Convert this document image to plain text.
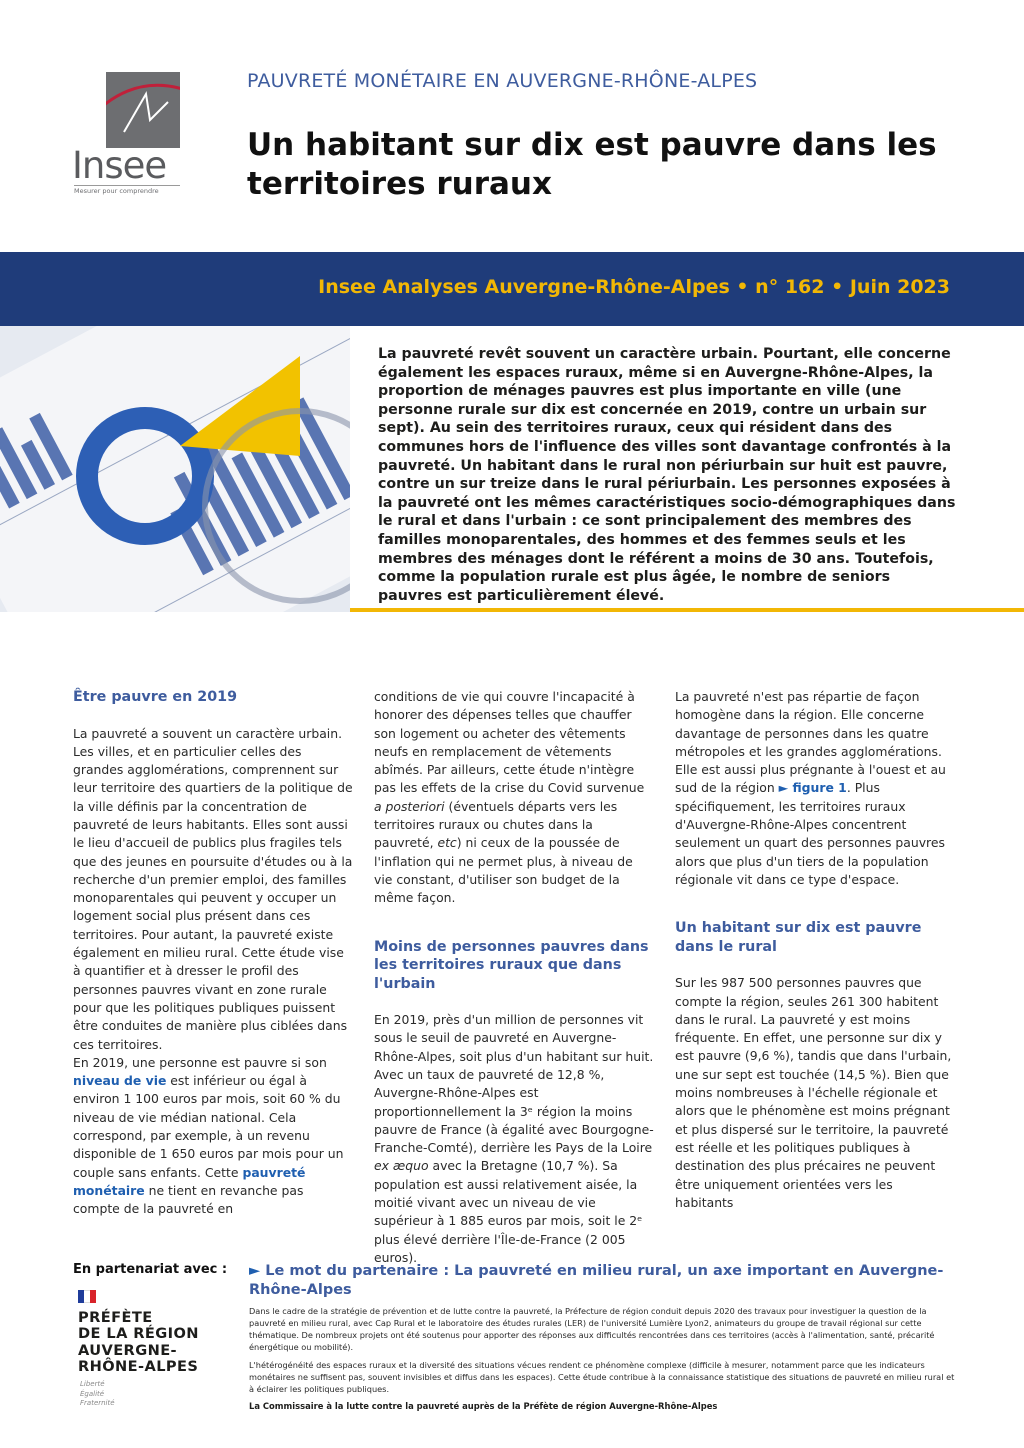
Insee
Mesurer pour comprendre
PAUVRETÉ MONÉTAIRE EN AUVERGNE-RHÔNE-ALPES
Un habitant sur dix est pauvre dans les territoires ruraux
Insee Analyses Auvergne-Rhône-Alpes • n° 162 • Juin 2023

La pauvreté revêt souvent un caractère urbain. Pourtant, elle concerne également les espaces ruraux, même si en Auvergne-Rhône-Alpes, la proportion de ménages pauvres est plus importante en ville (une personne rurale sur dix est concernée en 2019, contre un urbain sur sept). Au sein des territoires ruraux, ceux qui résident dans des communes hors de l'influence des villes sont davantage confrontés à la pauvreté. Un habitant dans le rural non périurbain sur huit est pauvre, contre un sur treize dans le rural périurbain. Les personnes exposées à la pauvreté ont les mêmes caractéristiques socio-démographiques dans le rural et dans l'urbain : ce sont principalement des membres des familles monoparentales, des hommes et des femmes seuls et les membres des ménages dont le référent a moins de 30 ans. Toutefois, comme la population rurale est plus âgée, le nombre de seniors pauvres est particulièrement élevé.

Être pauvre en 2019

La pauvreté a souvent un caractère urbain. Les villes, et en particulier celles des grandes agglomérations, comprennent sur leur territoire des quartiers de la politique de la ville définis par la concentration de pauvreté de leurs habitants. Elles sont aussi le lieu d'accueil de publics plus fragiles tels que des jeunes en poursuite d'études ou à la recherche d'un premier emploi, des familles monoparentales qui peuvent y occuper un logement social plus présent dans ces territoires. Pour autant, la pauvreté existe également en milieu rural. Cette étude vise à quantifier et à dresser le profil des personnes pauvres vivant en zone rurale pour que les politiques publiques puissent être conduites de manière plus ciblées dans ces territoires.

En 2019, une personne est pauvre si son niveau de vie est inférieur ou égal à environ 1 100 euros par mois, soit 60 % du niveau de vie médian national. Cela correspond, par exemple, à un revenu disponible de 1 650 euros par mois pour un couple sans enfants. Cette pauvreté monétaire ne tient en revanche pas compte de la pauvreté en

conditions de vie qui couvre l'incapacité à honorer des dépenses telles que chauffer son logement ou acheter des vêtements neufs en remplacement de vêtements abîmés. Par ailleurs, cette étude n'intègre pas les effets de la crise du Covid survenue a posteriori (éventuels départs vers les territoires ruraux ou chutes dans la pauvreté, etc) ni ceux de la poussée de l'inflation qui ne permet plus, à niveau de vie constant, d'utiliser son budget de la même façon.

Moins de personnes pauvres dans les territoires ruraux que dans l'urbain

En 2019, près d'un million de personnes vit sous le seuil de pauvreté en Auvergne-Rhône-Alpes, soit plus d'un habitant sur huit. Avec un taux de pauvreté de 12,8 %, Auvergne-Rhône-Alpes est proportionnellement la 3ᵉ région la moins pauvre de France (à égalité avec Bourgogne-Franche-Comté), derrière les Pays de la Loire ex æquo avec la Bretagne (10,7 %). Sa population est aussi relativement aisée, la moitié vivant avec un niveau de vie supérieur à 1 885 euros par mois, soit le 2ᵉ plus élevé derrière l'Île-de-France (2 005 euros).

La pauvreté n'est pas répartie de façon homogène dans la région. Elle concerne davantage de personnes dans les quatre métropoles et les grandes agglomérations. Elle est aussi plus prégnante à l'ouest et au sud de la région ► figure 1. Plus spécifiquement, les territoires ruraux d'Auvergne-Rhône-Alpes concentrent seulement un quart des personnes pauvres alors que plus d'un tiers de la population régionale vit dans ce type d'espace.

Un habitant sur dix est pauvre dans le rural

Sur les 987 500 personnes pauvres que compte la région, seules 261 300 habitent dans le rural. La pauvreté y est moins fréquente. En effet, une personne sur dix y est pauvre (9,6 %), tandis que dans l'urbain, une sur sept est touchée (14,5 %). Bien que moins nombreuses à l'échelle régionale et alors que le phénomène est moins prégnant et plus dispersé sur le territoire, la pauvreté est réelle et les politiques publiques à destination des plus précaires ne peuvent être uniquement orientées vers les habitants

En partenariat avec :
PRÉFÈTE
DE LA RÉGION
AUVERGNE-
RHÔNE-ALPES
Liberté
Égalité
Fraternité
► Le mot du partenaire : La pauvreté en milieu rural, un axe important en Auvergne-Rhône-Alpes

Dans le cadre de la stratégie de prévention et de lutte contre la pauvreté, la Préfecture de région conduit depuis 2020 des travaux pour investiguer la question de la pauvreté en milieu rural, avec Cap Rural et le laboratoire des études rurales (LER) de l'université Lumière Lyon2, animateurs du groupe de travail régional sur cette thématique. De nombreux projets ont été soutenus pour apporter des réponses aux difficultés rencontrées dans ces territoires (accès à l'alimentation, santé, précarité énergétique ou mobilité).

L'hétérogénéité des espaces ruraux et la diversité des situations vécues rendent ce phénomène complexe (difficile à mesurer, notamment parce que les indicateurs monétaires ne suffisent pas, souvent invisibles et diffus dans les espaces). Cette étude contribue à la connaissance statistique des situations de pauvreté en milieu rural et à éclairer les politiques publiques.

La Commissaire à la lutte contre la pauvreté auprès de la Préfète de région Auvergne-Rhône-Alpes
